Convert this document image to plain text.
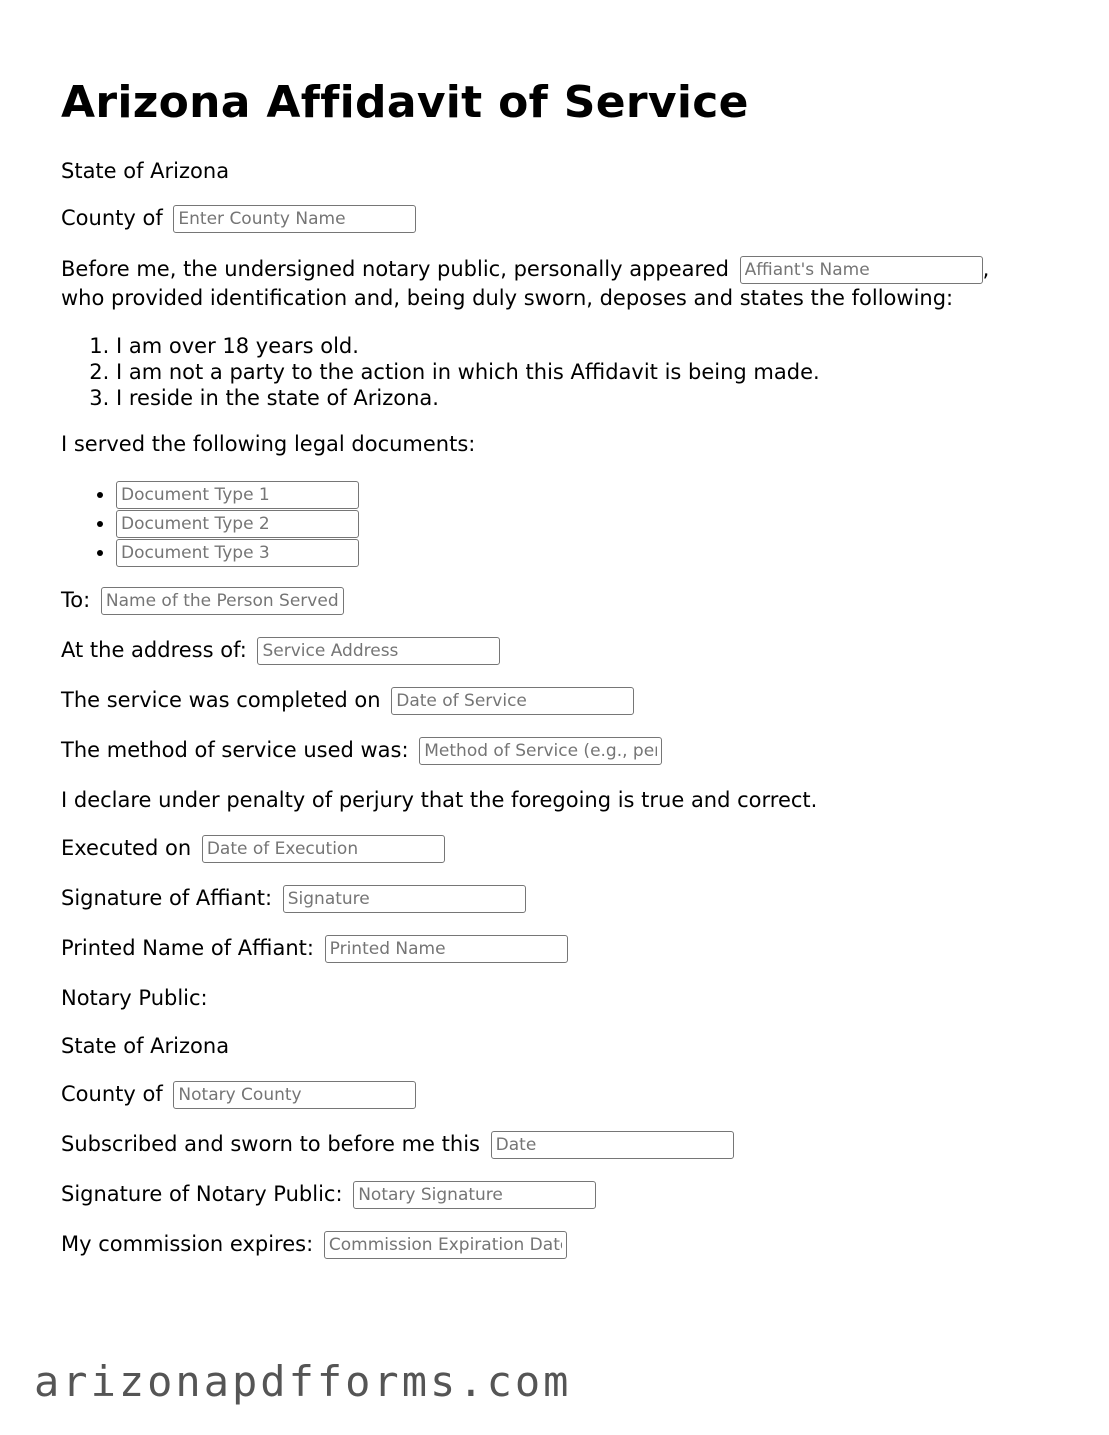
Arizona Affidavit of Service
State of Arizona
County of Enter County Name
Before me, the undersigned notary public, personally appeared Affiant's Name	,
who provided identification and, being duly sworn, deposes and states the following:
1. I am over 18 years old.
2. I am not a party to the action in which this Affidavit is being made.
3. I reside in the state of Arizona.
I served the following legal documents:
• Document Type 1
• Document Type 2
• Document Type 3
To: Name of the Person Served
At the address of: Service Address
The service was completed on Date of Service
The method of service used was: Method of Service (e.g., personal delivery)
I declare under penalty of perjury that the foregoing is true and correct.
Executed on Date of Execution
Signature of Affiant: Signature
Printed Name of Affiant: Printed Name
Notary Public:
State of Arizona
County of Notary County
Subscribed and sworn to before me this Date
Signature of Notary Public: Notary Signature
My commission expires: Commission Expiration Date
arizonapdfforms.com
